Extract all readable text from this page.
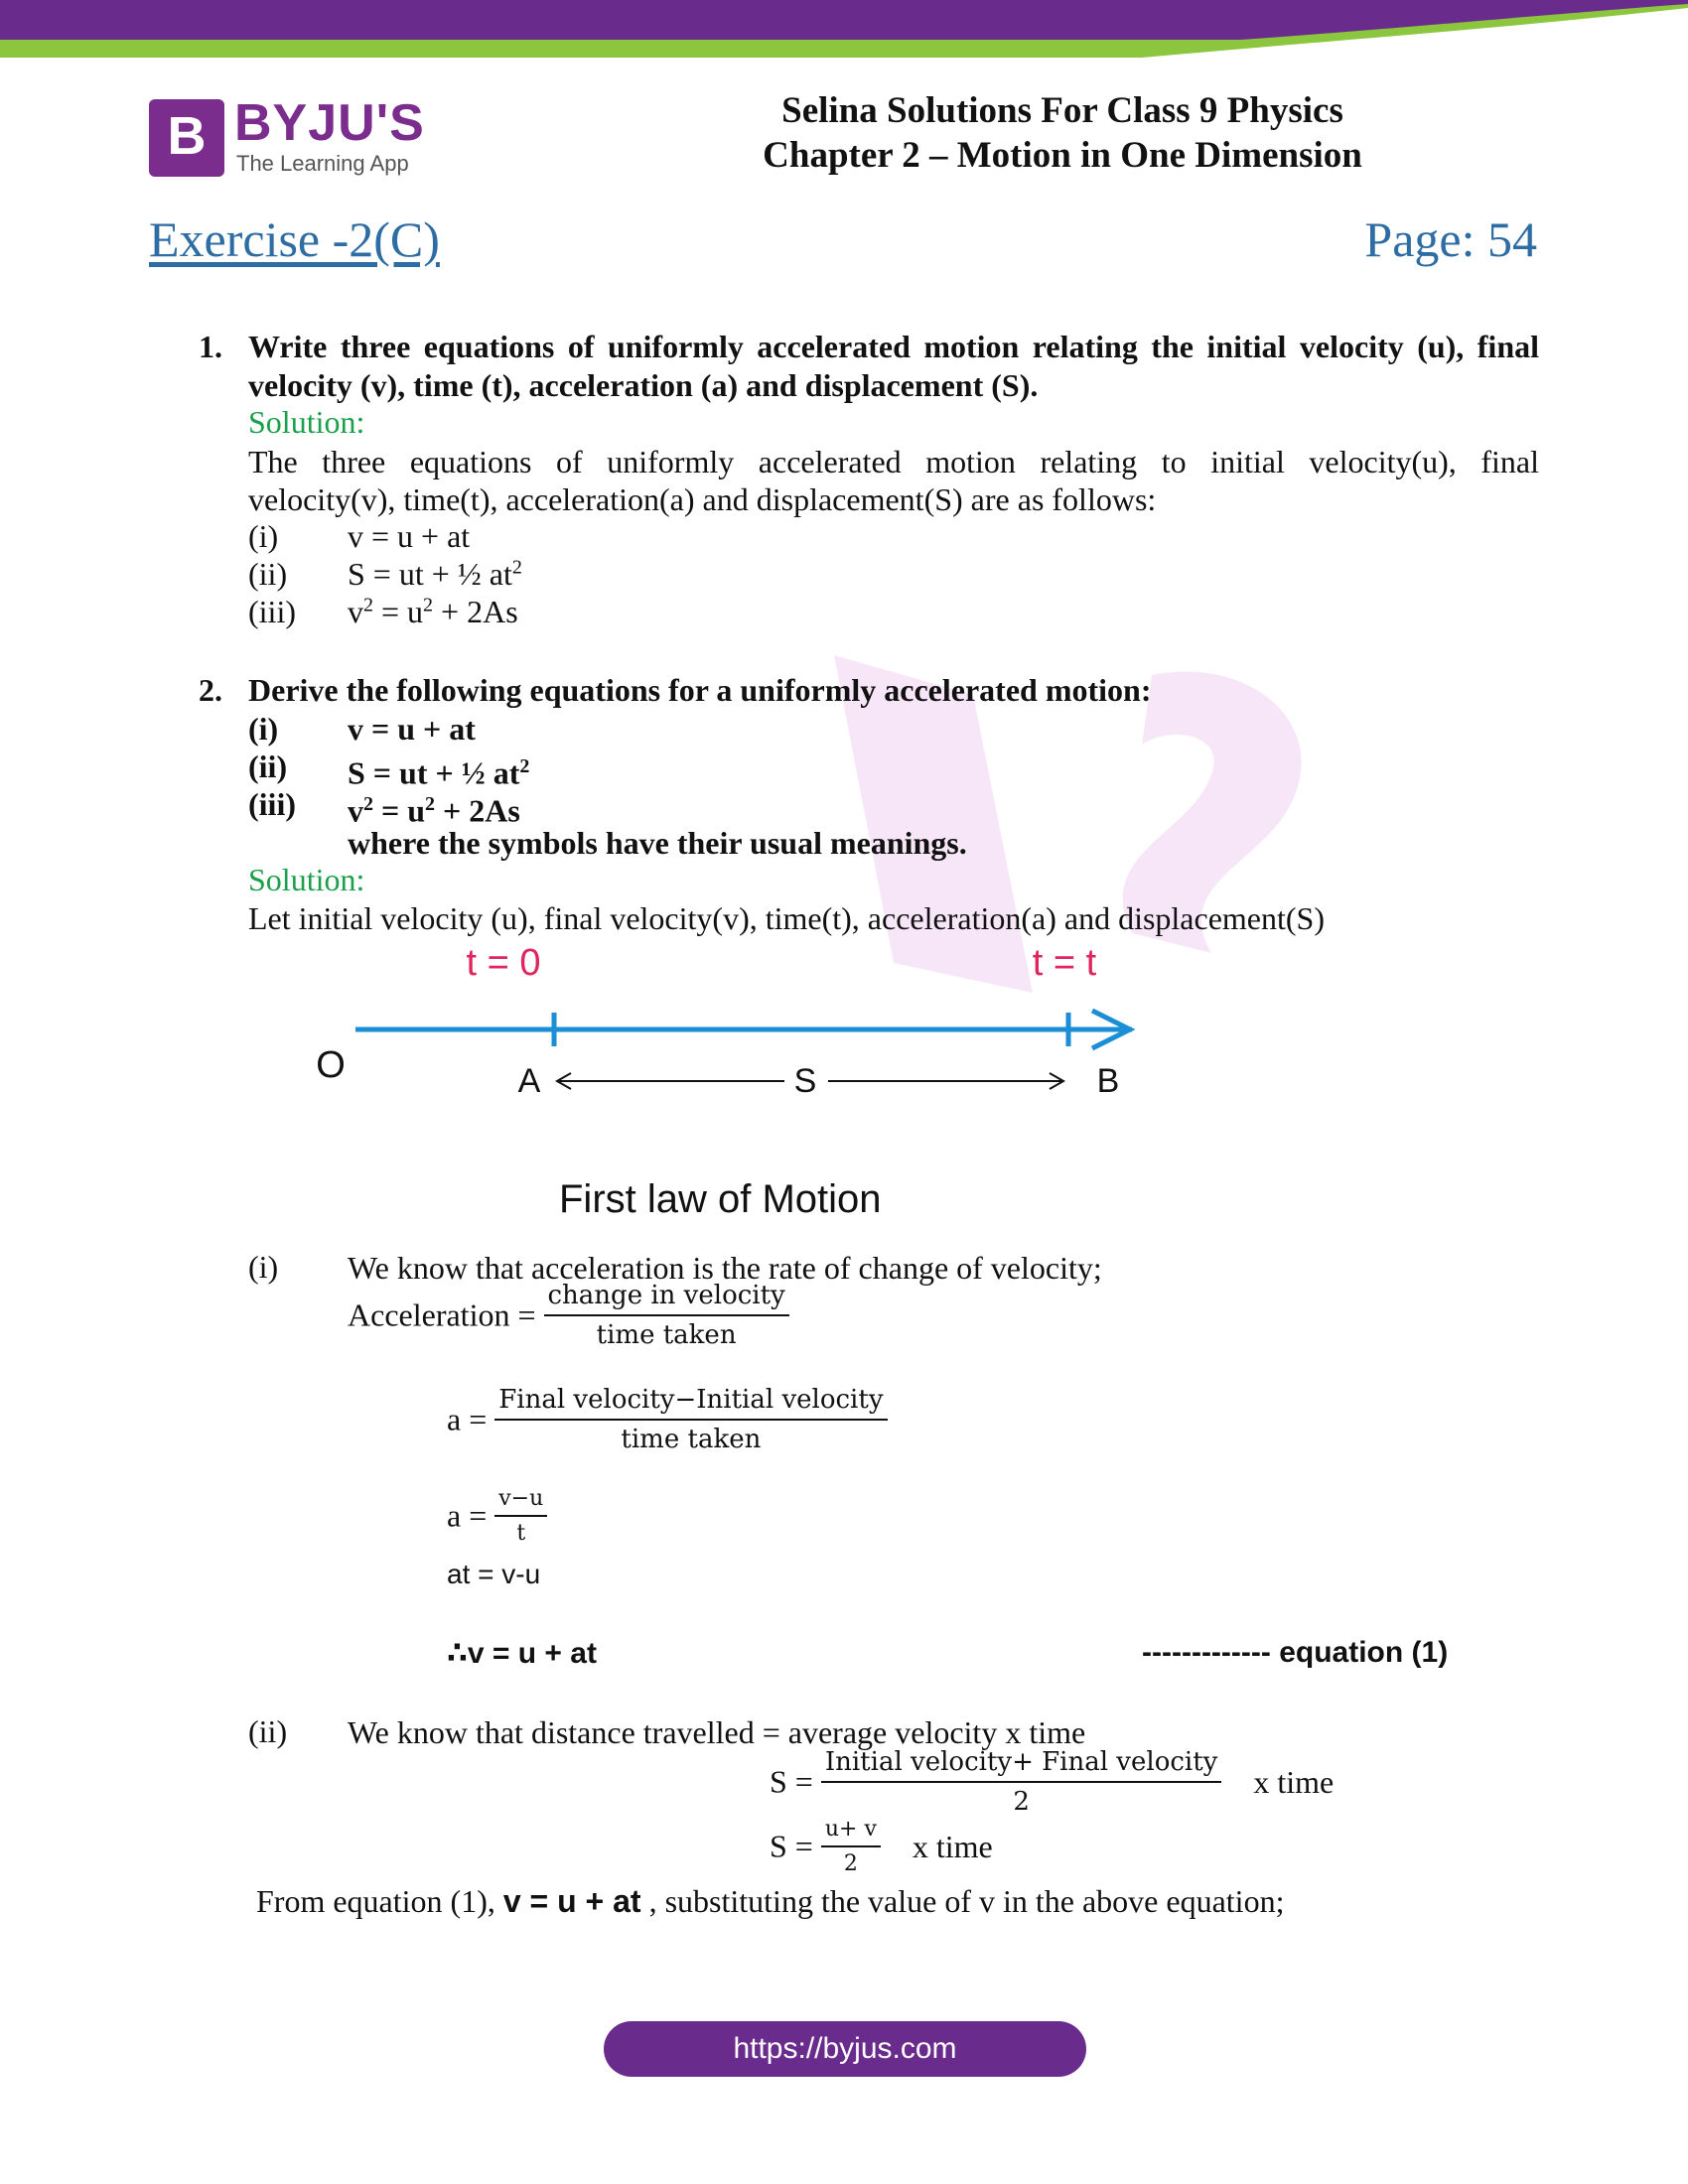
B BYJU'S
The Learning App
Selina Solutions For Class 9 Physics
Chapter 2 – Motion in One Dimension
Exercise -2(C)	Page: 54
1. Write three equations of uniformly accelerated motion relating the initial velocity (u), final
velocity (v), time (t), acceleration (a) and displacement (S).
Solution:
The three equations of uniformly accelerated motion relating to initial velocity(u), final
velocity(v), time(t), acceleration(a) and displacement(S) are as follows:
(i) v = u + at
(ii) S = ut + ½ $at^2$
(iii) $v^2 = u^2 + 2As$
2. Derive the following equations for a uniformly accelerated motion:
(i) v = u + at
(ii) S = ut + ½ $at^2$
(iii) $v^2 = u^2 + 2As$
where the symbols have their usual meanings.
Solution:
Let initial velocity (u), final velocity(v), time(t), acceleration(a) and displacement(S)
t = 0	t = t
O	A	S	B
First law of Motion
(i) We know that acceleration is the rate of change of velocity;
Acceleration = $\frac{\text{change in velocity}}{\text{time taken}}$
$a = \frac{\text{Final velocity−Initial velocity}}{\text{time taken}}$
$a = \frac{v-u}{t}$
at = v-u
∴v = u + at	------------- equation (1)
(ii) We know that distance travelled = average velocity x time
$S = \frac{\text{Initial velocity+ Final velocity}}{2}$ x time
$S = \frac{u+ v}{2}$ x time
From equation (1), v = u + at , substituting the value of v in the above equation;
https://byjus.com
